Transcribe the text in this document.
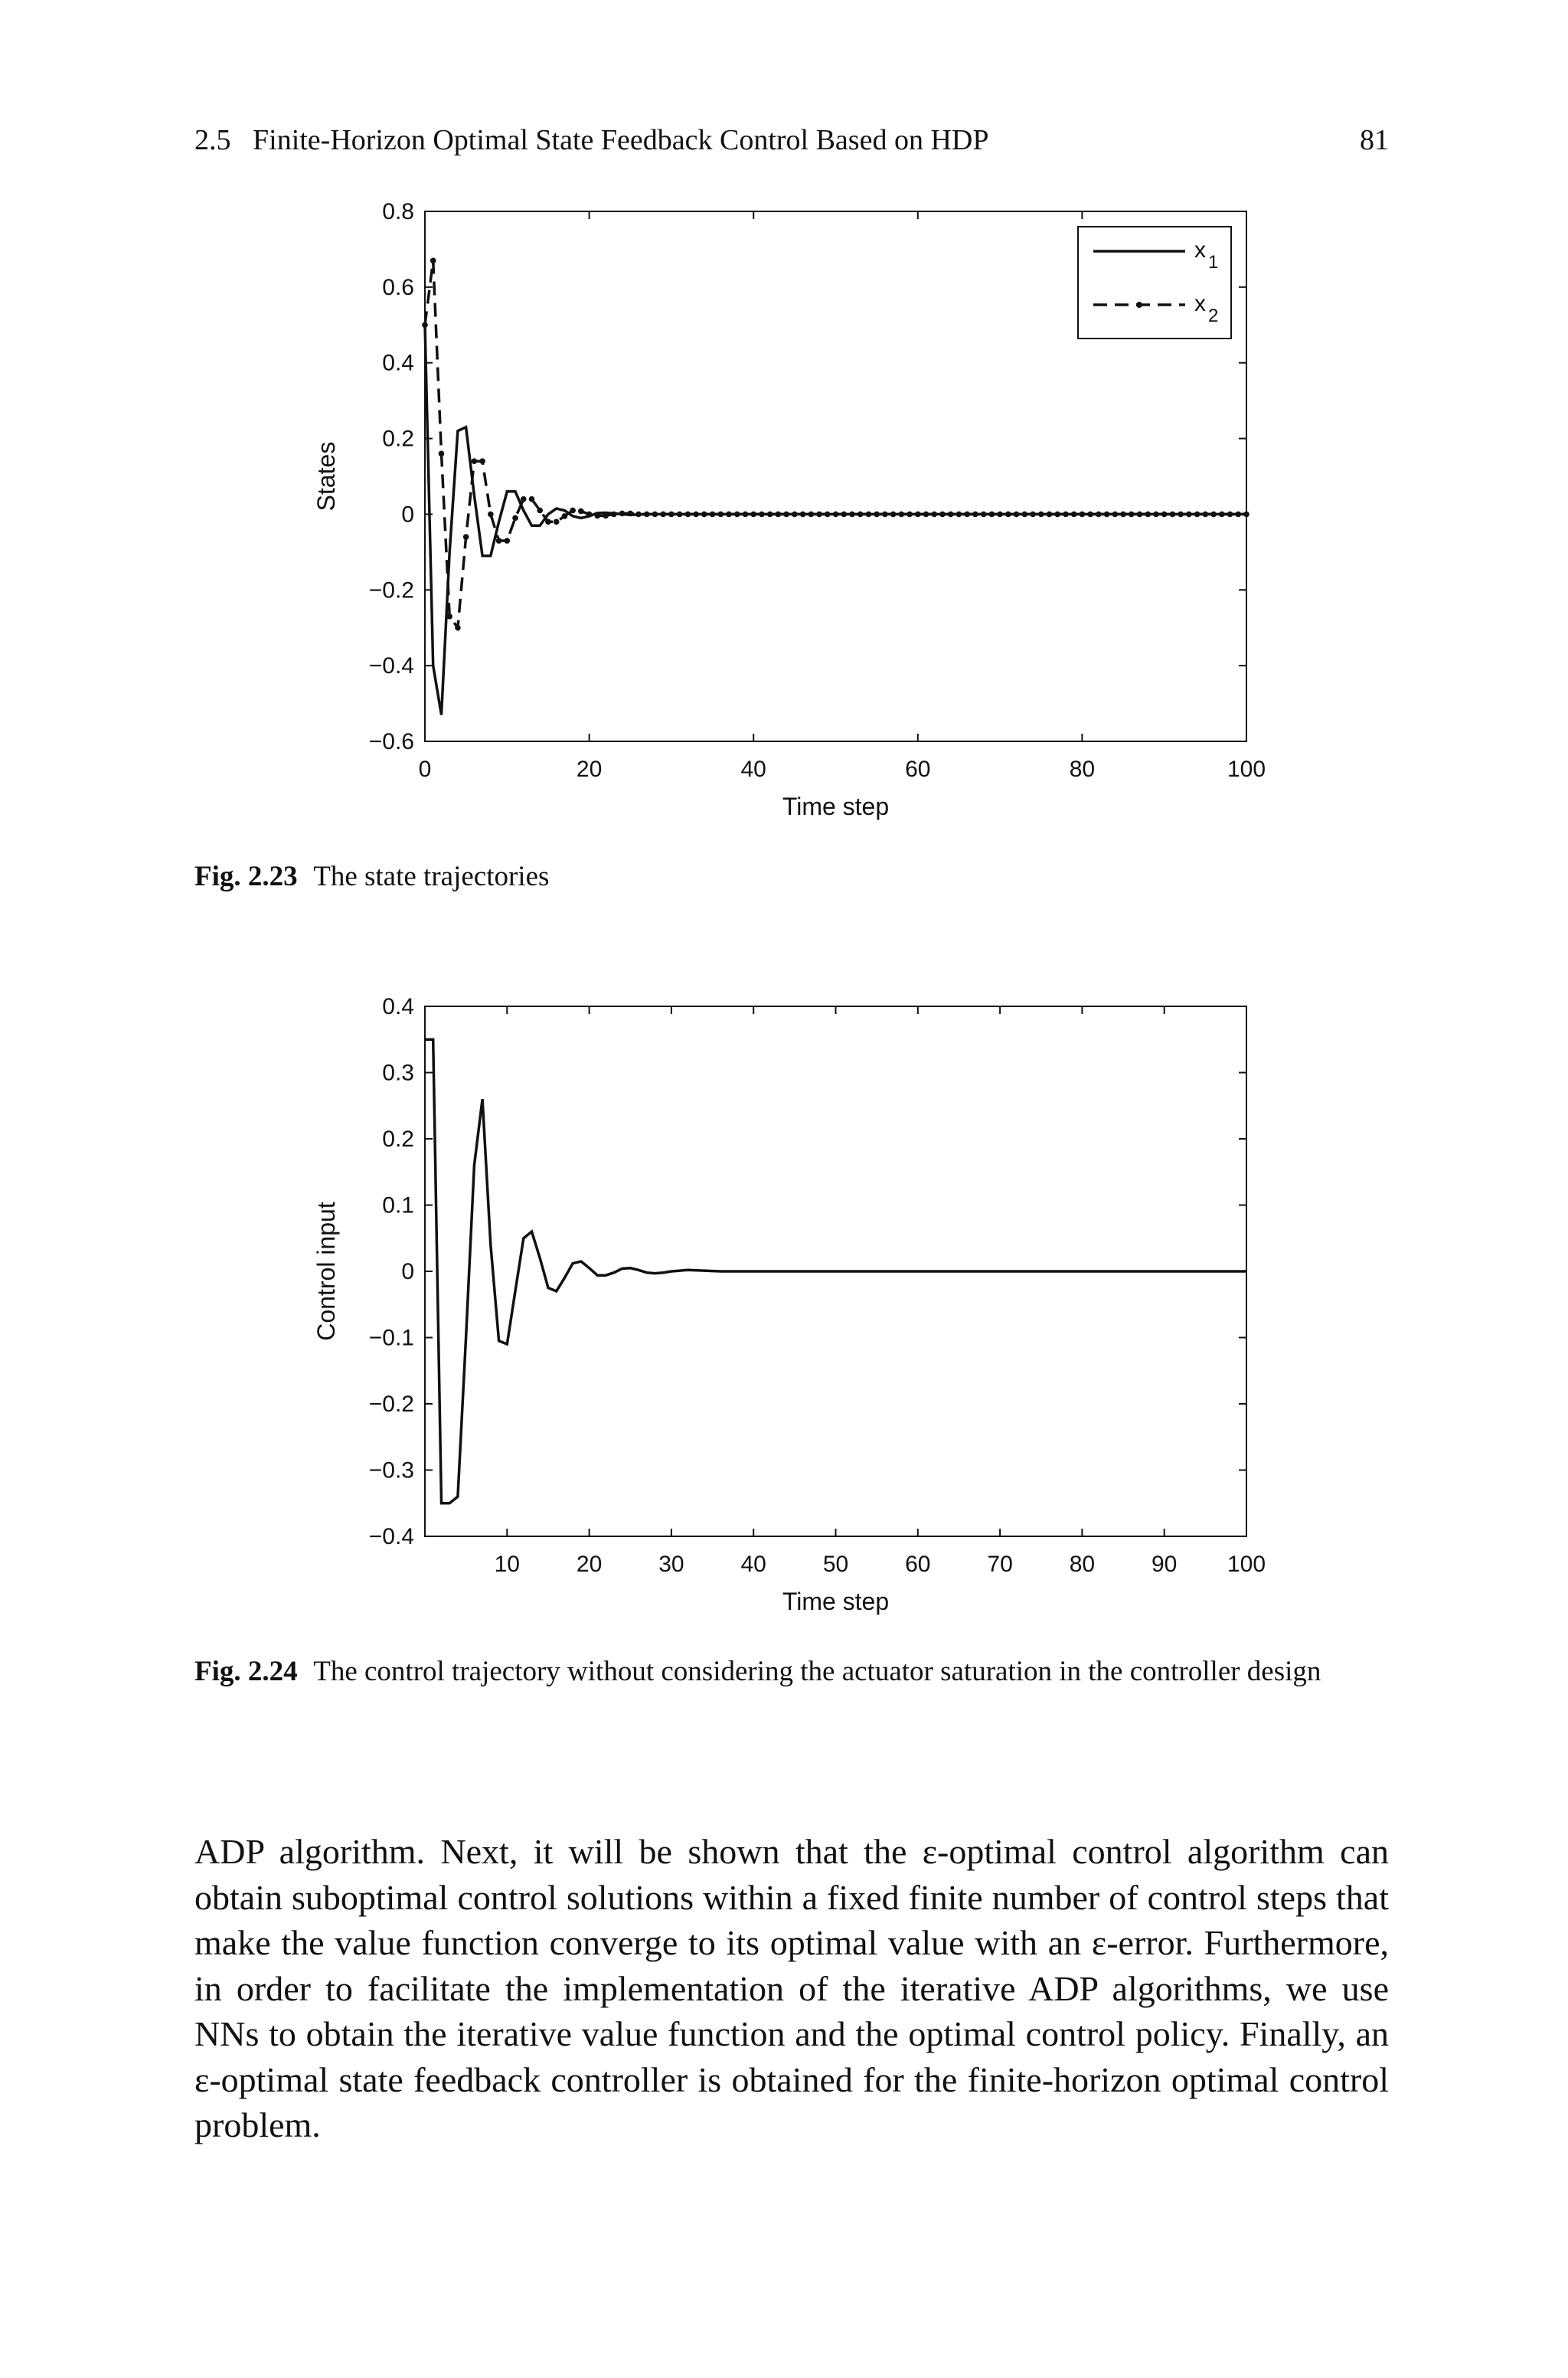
2.5   Finite-Horizon Optimal State Feedback Control Based on HDP	81
0	20	40	60	80	100
0.8
0.6
0.4
0.2
0
−0.2
−0.4
−0.6
Time step
States
x 1
x 2
Fig. 2.23 The state trajectories
10 20 30 40 50 60 70 80 90 100
0.4
0.3
0.2
0.1
0
−0.1
−0.2
−0.3
−0.4
Time step
Control input
Fig. 2.24 The control trajectory without considering the actuator saturation in the controller design

ADP algorithm. Next, it will be shown that the ε-optimal control algorithm can obtain suboptimal control solutions within a fixed finite number of control steps that make the value function converge to its optimal value with an ε-error. Furthermore, in order to facilitate the implementation of the iterative ADP algorithms, we use NNs to obtain the iterative value function and the optimal control policy. Finally, an ε-optimal state feedback controller is obtained for the finite-horizon optimal control problem.
